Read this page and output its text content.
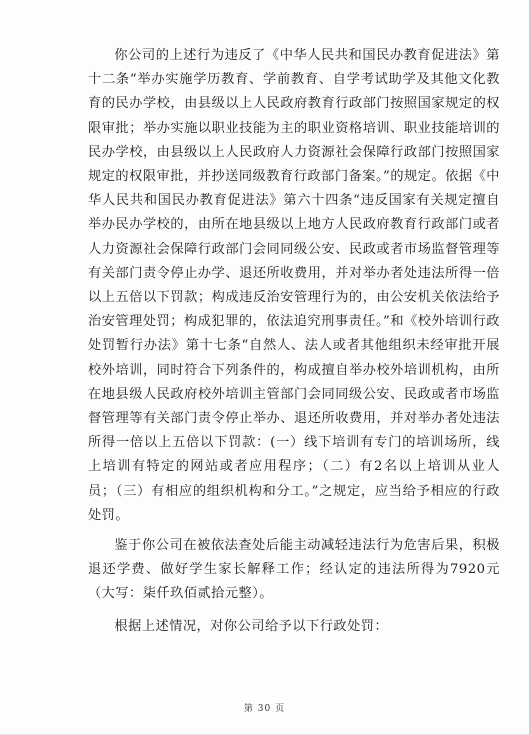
你公司的上述行为违反了《中华人民共和国民办教育促进法》第十二条“举办实施学历教育、学前教育、自学考试助学及其他文化教育的民办学校，由县级以上人民政府教育行政部门按照国家规定的权限审批；举办实施以职业技能为主的职业资格培训、职业技能培训的民办学校，由县级以上人民政府人力资源社会保障行政部门按照国家规定的权限审批，并抄送同级教育行政部门备案。”的规定。依据《中华人民共和国民办教育促进法》第六十四条“违反国家有关规定擅自举办民办学校的，由所在地县级以上地方人民政府教育行政部门或者人力资源社会保障行政部门会同同级公安、民政或者市场监督管理等有关部门责令停止办学、退还所收费用，并对举办者处违法所得一倍以上五倍以下罚款；构成违反治安管理行为的，由公安机关依法给予治安管理处罚；构成犯罪的，依法追究刑事责任。”和《校外培训行政处罚暂行办法》第十七条“自然人、法人或者其他组织未经审批开展校外培训，同时符合下列条件的，构成擅自举办校外培训机构，由所在地县级人民政府校外培训主管部门会同同级公安、民政或者市场监督管理等有关部门责令停止举办、退还所收费用，并对举办者处违法所得一倍以上五倍以下罚款：(一）线下培训有专门的培训场所，线上培训有特定的网站或者应用程序；（二）有2名以上培训从业人员；（三）有相应的组织机构和分工。”之规定，应当给予相应的行政处罚。

鉴于你公司在被依法查处后能主动减轻违法行为危害后果，积极退还学费、做好学生家长解释工作；经认定的违法所得为7920元（大写：柒仟玖佰贰拾元整）。

根据上述情况，对你公司给予以下行政处罚：

第 30 页
